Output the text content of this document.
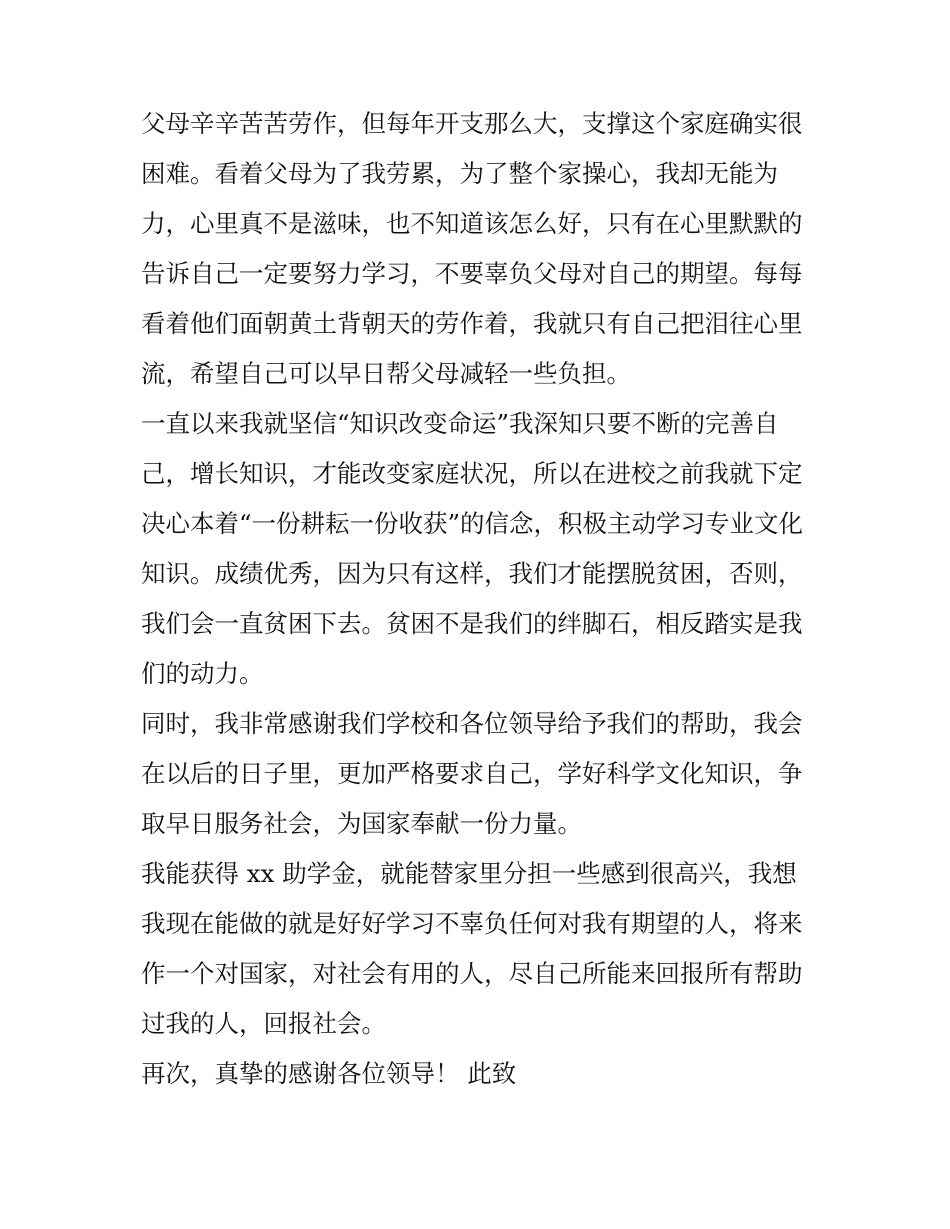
父母辛辛苦苦劳作，但每年开支那么大，支撑这个家庭确实很
困难。看着父母为了我劳累，为了整个家操心，我却无能为
力，心里真不是滋味，也不知道该怎么好，只有在心里默默的
告诉自己一定要努力学习，不要辜负父母对自己的期望。每每
看着他们面朝黄土背朝天的劳作着，我就只有自己把泪往心里
流，希望自己可以早日帮父母减轻一些负担。
一直以来我就坚信“知识改变命运”我深知只要不断的完善自
己，增长知识，才能改变家庭状况，所以在进校之前我就下定
决心本着“一份耕耘一份收获”的信念，积极主动学习专业文化
知识。成绩优秀，因为只有这样，我们才能摆脱贫困，否则，
我们会一直贫困下去。贫困不是我们的绊脚石，相反踏实是我
们的动力。
同时，我非常感谢我们学校和各位领导给予我们的帮助，我会
在以后的日子里，更加严格要求自己，学好科学文化知识，争
取早日服务社会，为国家奉献一份力量。
我能获得 xx 助学金，就能替家里分担一些感到很高兴，我想
我现在能做的就是好好学习不辜负任何对我有期望的人，将来
作一个对国家，对社会有用的人，尽自己所能来回报所有帮助
过我的人，回报社会。
再次，真挚的感谢各位领导！ 此致
